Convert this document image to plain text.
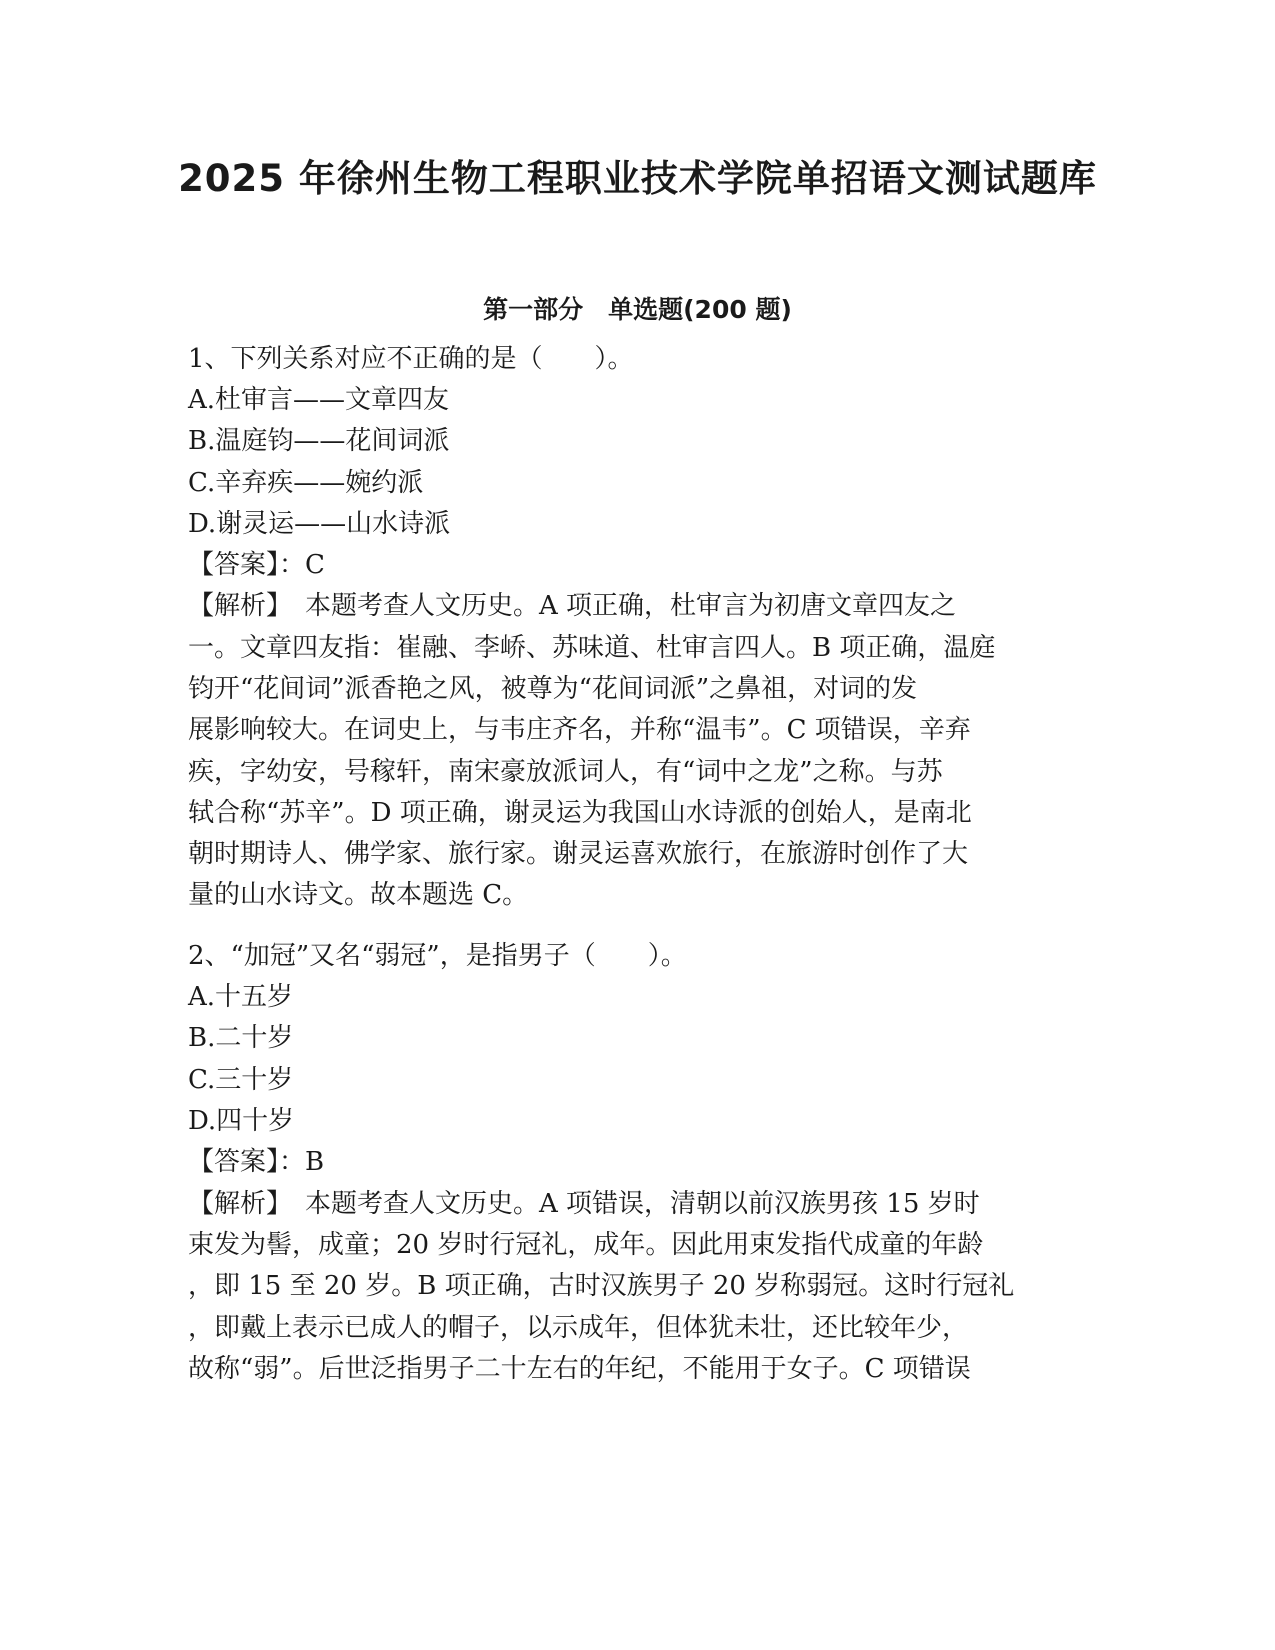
2025 年徐州生物工程职业技术学院单招语文测试题库
第一部分　单选题(200 题)

1、下列关系对应不正确的是（　　）。

A.杜审言——文章四友

B.温庭钧——花间词派

C.辛弃疾——婉约派

D.谢灵运——山水诗派

【答案】：C

【解析】　本题考查人文历史。A 项正确，杜审言为初唐文章四友之

一。文章四友指：崔融、李峤、苏味道、杜审言四人。B 项正确，温庭

钧开“花间词”派香艳之风，被尊为“花间词派”之鼻祖，对词的发

展影响较大。在词史上，与韦庄齐名，并称“温韦”。C 项错误，辛弃

疾，字幼安，号稼轩，南宋豪放派词人，有“词中之龙”之称。与苏

轼合称“苏辛”。D 项正确，谢灵运为我国山水诗派的创始人，是南北

朝时期诗人、佛学家、旅行家。谢灵运喜欢旅行，在旅游时创作了大

量的山水诗文。故本题选 C。

2、“加冠”又名“弱冠”，是指男子（　　）。

A.十五岁

B.二十岁

C.三十岁

D.四十岁

【答案】：B

【解析】　本题考查人文历史。A 项错误，清朝以前汉族男孩 15 岁时

束发为髻，成童；20 岁时行冠礼，成年。因此用束发指代成童的年龄

，即 15 至 20 岁。B 项正确，古时汉族男子 20 岁称弱冠。这时行冠礼

，即戴上表示已成人的帽子，以示成年，但体犹未壮，还比较年少，

故称“弱”。后世泛指男子二十左右的年纪，不能用于女子。C 项错误
